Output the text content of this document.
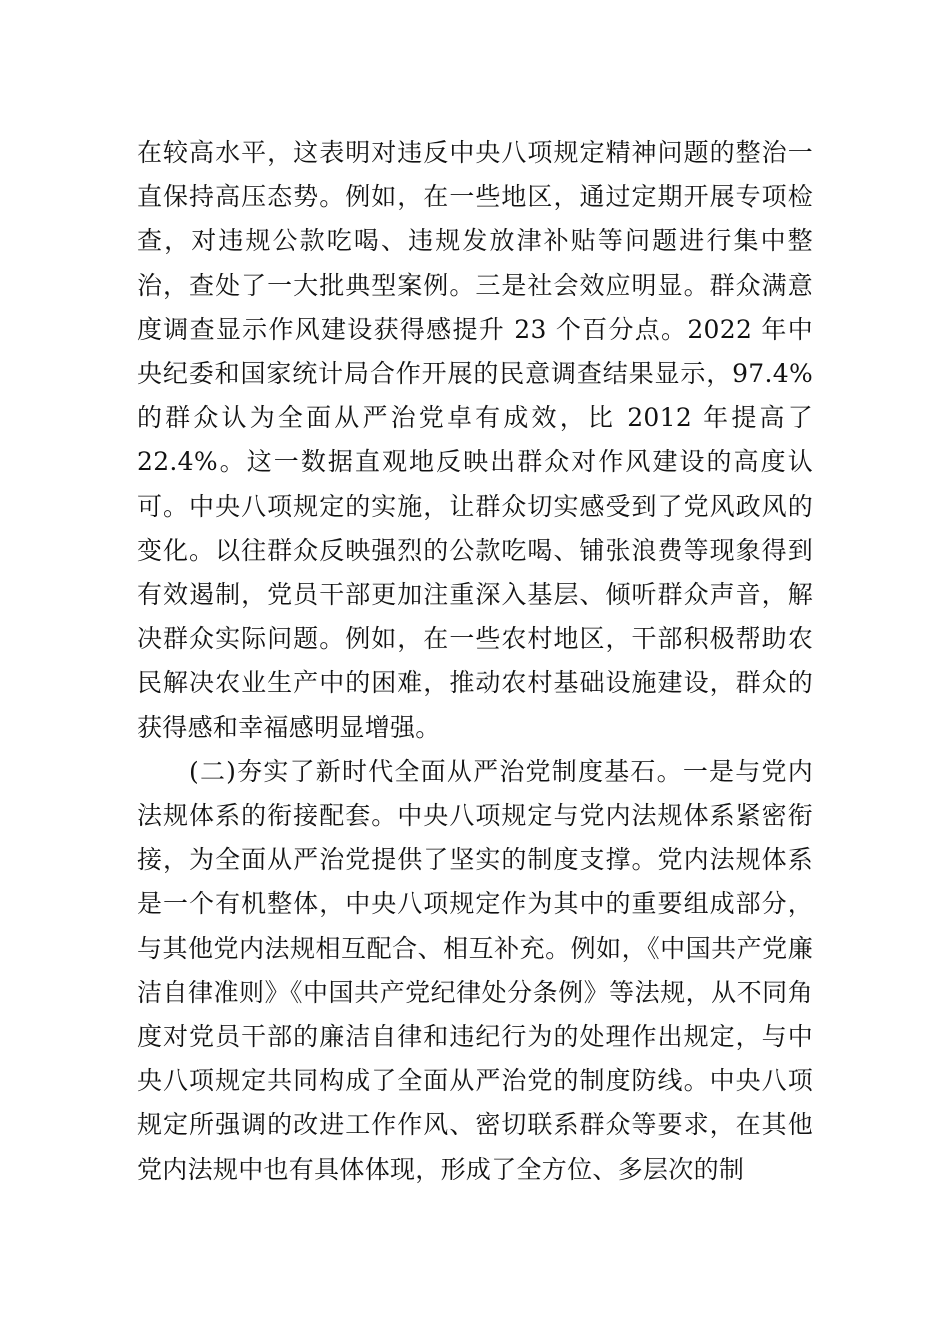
在较高水平，这表明对违反中央八项规定精神问题的整治一直保持高压态势。例如，在一些地区，通过定期开展专项检查，对违规公款吃喝、违规发放津补贴等问题进行集中整治，查处了一大批典型案例。三是社会效应明显。群众满意度调查显示作风建设获得感提升 23 个百分点。2022 年中央纪委和国家统计局合作开展的民意调查结果显示，97.4%的群众认为全面从严治党卓有成效，比 2012 年提高了 22.4%。这一数据直观地反映出群众对作风建设的高度认可。中央八项规定的实施，让群众切实感受到了党风政风的变化。以往群众反映强烈的公款吃喝、铺张浪费等现象得到有效遏制，党员干部更加注重深入基层、倾听群众声音，解决群众实际问题。例如，在一些农村地区，干部积极帮助农民解决农业生产中的困难，推动农村基础设施建设，群众的获得感和幸福感明显增强。

(二)夯实了新时代全面从严治党制度基石。一是与党内法规体系的衔接配套。中央八项规定与党内法规体系紧密衔接，为全面从严治党提供了坚实的制度支撑。党内法规体系是一个有机整体，中央八项规定作为其中的重要组成部分，与其他党内法规相互配合、相互补充。例如，《中国共产党廉洁自律准则》《中国共产党纪律处分条例》等法规，从不同角度对党员干部的廉洁自律和违纪行为的处理作出规定，与中央八项规定共同构成了全面从严治党的制度防线。中央八项规定所强调的改进工作作风、密切联系群众等要求，在其他党内法规中也有具体体现，形成了全方位、多层次的制
